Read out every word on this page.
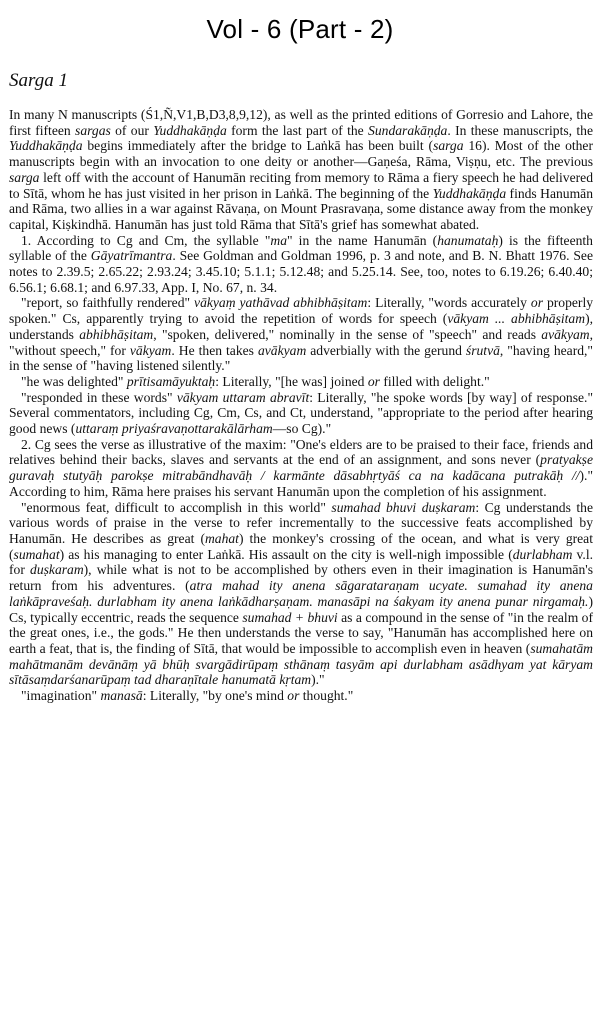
Vol - 6 (Part - 2)
Sarga 1

In many N manuscripts (Ś1,Ñ,V1,B,D3,8,9,12), as well as the printed editions of Gorresio and Lahore, the first fifteen sargas of our Yuddhakāṇḍa form the last part of the Sundarakāṇḍa. In these manuscripts, the Yuddhakāṇḍa begins immediately after the bridge to Laṅkā has been built (sarga 16). Most of the other manuscripts begin with an invocation to one deity or another—Gaṇeśa, Rāma, Viṣṇu, etc. The previous sarga left off with the account of Hanumān reciting from memory to Rāma a fiery speech he had delivered to Sītā, whom he has just visited in her prison in Laṅkā. The beginning of the Yuddhakāṇḍa finds Hanumān and Rāma, two allies in a war against Rāvaṇa, on Mount Prasravaṇa, some distance away from the monkey capital, Kiṣkindhā. Hanumān has just told Rāma that Sītā's grief has somewhat abated.

1. According to Cg and Cm, the syllable "ma" in the name Hanumān (hanumataḥ) is the fifteenth syllable of the Gāyatrīmantra. See Goldman and Goldman 1996, p. 3 and note, and B. N. Bhatt 1976. See notes to 2.39.5; 2.65.22; 2.93.24; 3.45.10; 5.1.1; 5.12.48; and 5.25.14. See, too, notes to 6.19.26; 6.40.40; 6.56.1; 6.68.1; and 6.97.33, App. I, No. 67, n. 34.

"report, so faithfully rendered" vākyaṃ yathāvad abhibhāṣitam: Literally, "words accurately or properly spoken." Cs, apparently trying to avoid the repetition of words for speech (vākyam ... abhibhāṣitam), understands abhibhāṣitam, "spoken, delivered," nominally in the sense of "speech" and reads avākyam, "without speech," for vākyam. He then takes avākyam adverbially with the gerund śrutvā, "having heard," in the sense of "having listened silently."

"he was delighted" prītisamāyuktaḥ: Literally, "[he was] joined or filled with delight."

"responded in these words" vākyam uttaram abravīt: Literally, "he spoke words [by way] of response." Several commentators, including Cg, Cm, Cs, and Ct, understand, "appropriate to the period after hearing good news (uttaraṃ priyaśravaṇottarakālārham—so Cg)."

2. Cg sees the verse as illustrative of the maxim: "One's elders are to be praised to their face, friends and relatives behind their backs, slaves and servants at the end of an assignment, and sons never (pratyakṣe guravaḥ stutyāḥ parokṣe mitrabāndhavāḥ / karmānte dāsabhṛtyāś ca na kadācana putrakāḥ //)." According to him, Rāma here praises his servant Hanumān upon the completion of his assignment.

"enormous feat, difficult to accomplish in this world" sumahad bhuvi duṣkaram: Cg understands the various words of praise in the verse to refer incrementally to the successive feats accomplished by Hanumān. He describes as great (mahat) the monkey's crossing of the ocean, and what is very great (sumahat) as his managing to enter Laṅkā. His assault on the city is well-nigh impossible (durlabham v.l. for duṣkaram), while what is not to be accomplished by others even in their imagination is Hanumān's return from his adventures. (atra mahad ity anena sāgarataraṇam ucyate. sumahad ity anena laṅkāpraveśaḥ. durlabham ity anena laṅkādharṣaṇam. manasāpi na śakyam ity anena punar nirgamaḥ.) Cs, typically eccentric, reads the sequence sumahad + bhuvi as a compound in the sense of "in the realm of the great ones, i.e., the gods." He then understands the verse to say, "Hanumān has accomplished here on earth a feat, that is, the finding of Sītā, that would be impossible to accomplish even in heaven (sumahatām mahātmanām devānāṃ yā bhūḥ svargādirūpaṃ sthānaṃ tasyām api durlabham asādhyam yat kāryam sītāsaṃdarśanarūpaṃ tad dharaṇītale hanumatā kṛtam)."

"imagination" manasā: Literally, "by one's mind or thought."
